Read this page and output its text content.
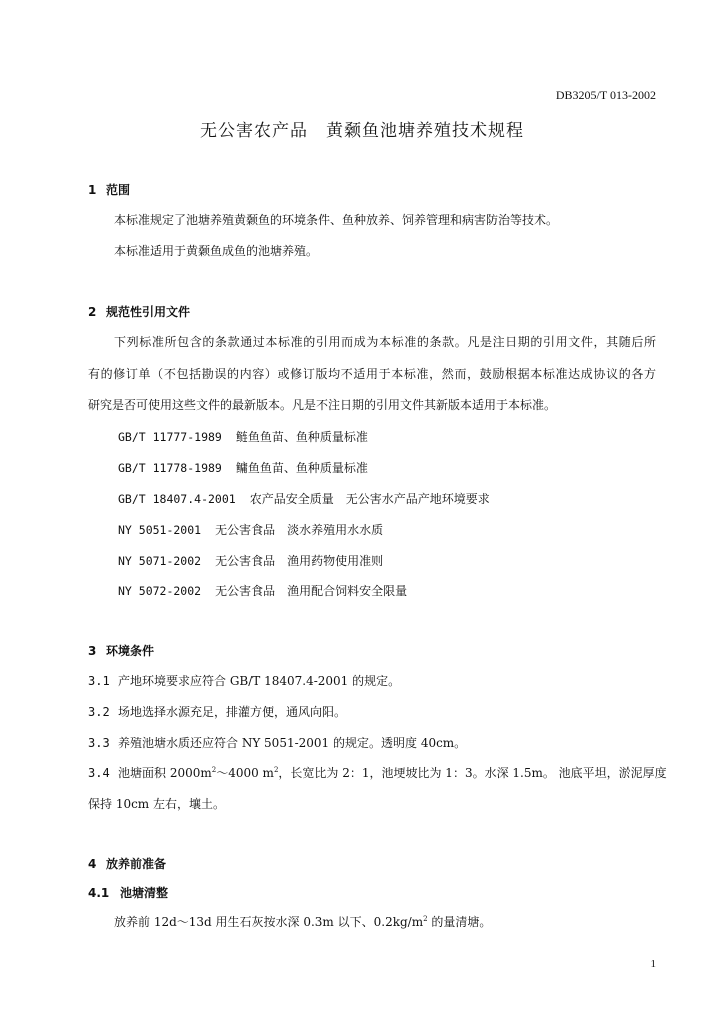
DB3205/T 013-2002
无公害农产品　黄颡鱼池塘养殖技术规程
1 范围
本标准规定了池塘养殖黄颡鱼的环境条件、鱼种放养、饲养管理和病害防治等技术。
本标准适用于黄颡鱼成鱼的池塘养殖。
2 规范性引用文件
下列标准所包含的条款通过本标准的引用而成为本标准的条款。凡是注日期的引用文件，其随后所
有的修订单（不包括勘误的内容）或修订版均不适用于本标准，然而，鼓励根据本标准达成协议的各方
研究是否可使用这些文件的最新版本。凡是不注日期的引用文件其新版本适用于本标准。
GB/T 11777-1989 鲢鱼鱼苗、鱼种质量标准
GB/T 11778-1989 鳙鱼鱼苗、鱼种质量标准
GB/T 18407.4-2001 农产品安全质量　无公害水产品产地环境要求
NY 5051-2001 无公害食品　淡水养殖用水水质
NY 5071-2002 无公害食品　渔用药物使用准则
NY 5072-2002 无公害食品　渔用配合饲料安全限量
3 环境条件
3.1 产地环境要求应符合 GB/T 18407.4-2001 的规定。
3.2 场地选择水源充足，排灌方便，通风向阳。
3.3 养殖池塘水质还应符合 NY 5051-2001 的规定。透明度 40cm。
3.4 池塘面积 $2000m^2\sim 4000$ $m^2$，长宽比为 2：1，池埂坡比为 1：3。水深 1.5m。 池底平坦，淤泥厚度
保持 10cm 左右，壤土。
4 放养前准备
4.1 池塘清整
放养前 12d～13d 用生石灰按水深 0.3m 以下、$0.2kg/m^2$ 的量清塘。
1
